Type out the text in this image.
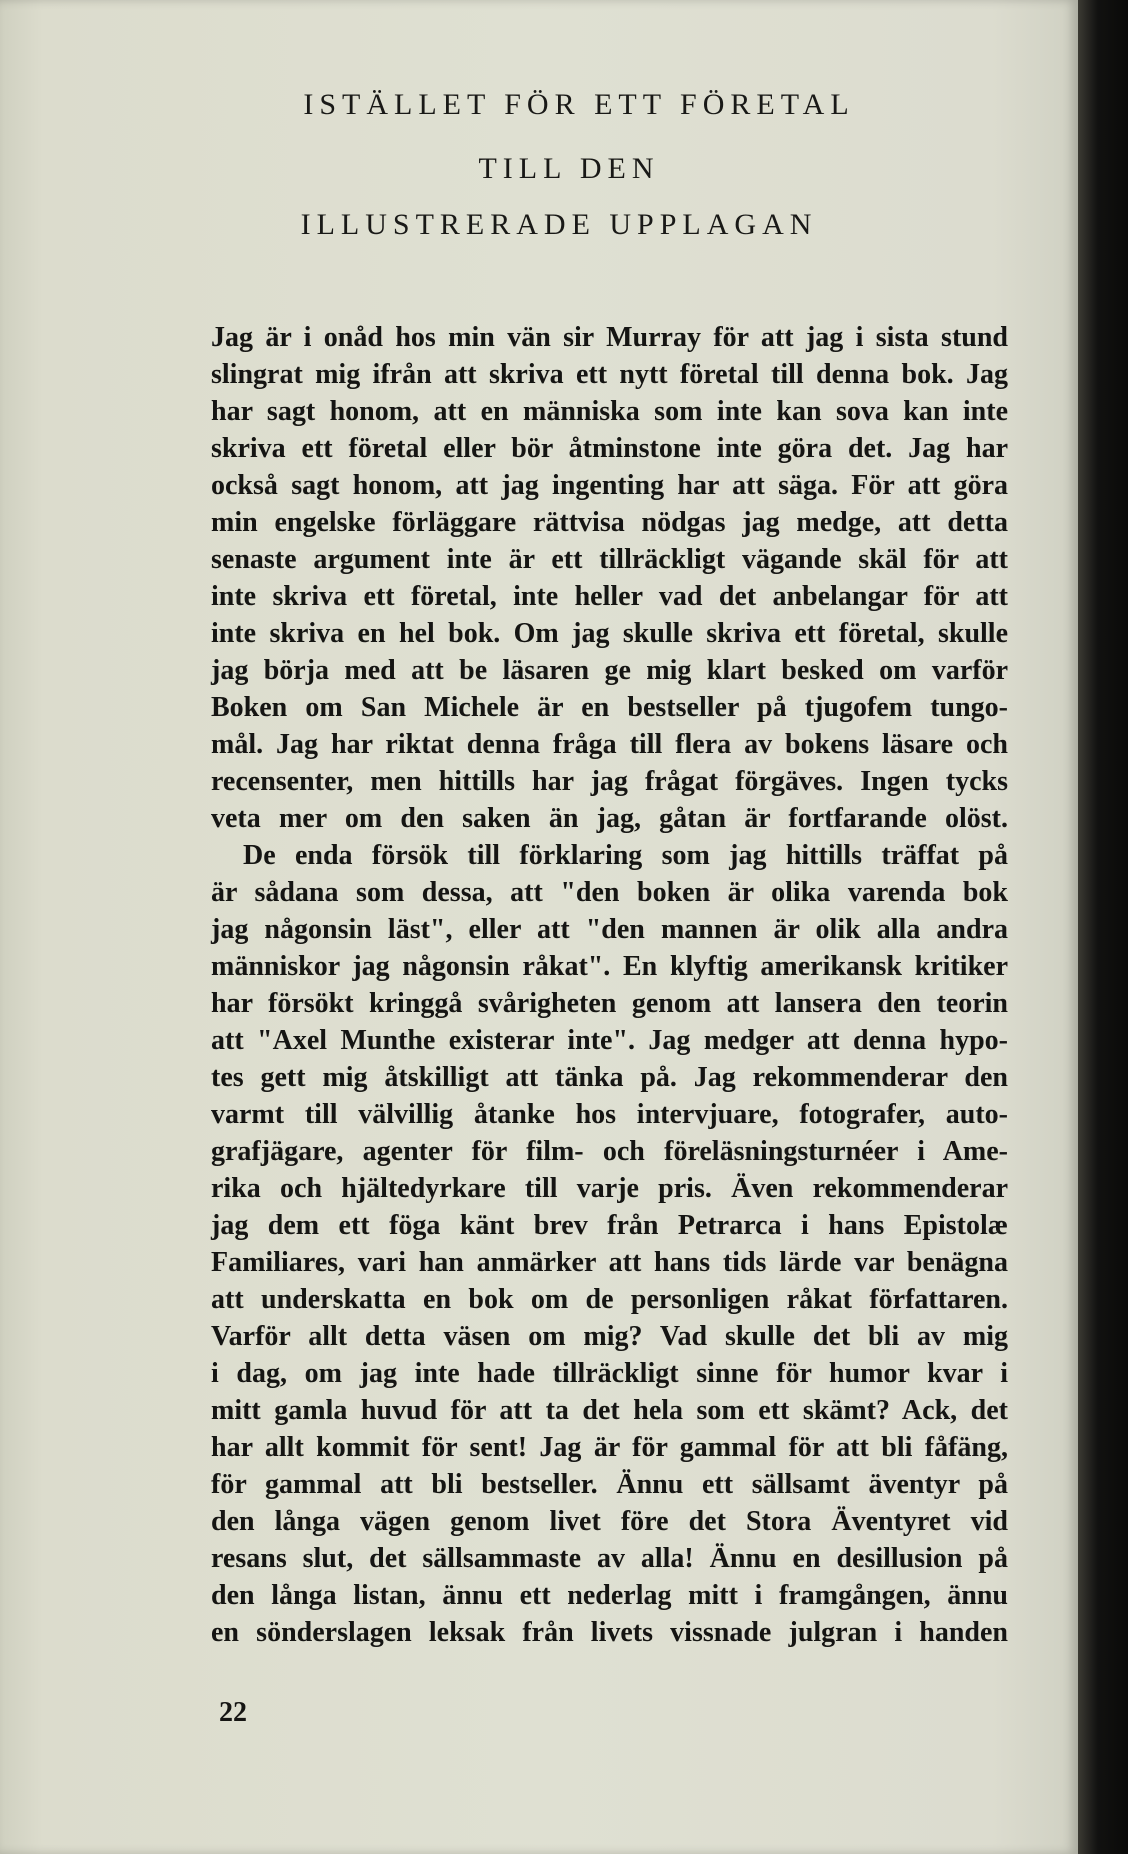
ISTÄLLET FÖR ETT FÖRETAL
TILL DEN
ILLUSTRERADE UPPLAGAN
Jag är i onåd hos min vän sir Murray för att jag i sista stund
slingrat mig ifrån att skriva ett nytt företal till denna bok. Jag
har sagt honom, att en människa som inte kan sova kan inte
skriva ett företal eller bör åtminstone inte göra det. Jag har
också sagt honom, att jag ingenting har att säga. För att göra
min engelske förläggare rättvisa nödgas jag medge, att detta
senaste argument inte är ett tillräckligt vägande skäl för att
inte skriva ett företal, inte heller vad det anbelangar för att
inte skriva en hel bok. Om jag skulle skriva ett företal, skulle
jag börja med att be läsaren ge mig klart besked om varför
Boken om San Michele är en bestseller på tjugofem tungo-
mål. Jag har riktat denna fråga till flera av bokens läsare och
recensenter, men hittills har jag frågat förgäves. Ingen tycks
veta mer om den saken än jag, gåtan är fortfarande olöst.
De enda försök till förklaring som jag hittills träffat på
är sådana som dessa, att "den boken är olika varenda bok
jag någonsin läst", eller att "den mannen är olik alla andra
människor jag någonsin råkat". En klyftig amerikansk kritiker
har försökt kringgå svårigheten genom att lansera den teorin
att "Axel Munthe existerar inte". Jag medger att denna hypo-
tes gett mig åtskilligt att tänka på. Jag rekommenderar den
varmt till välvillig åtanke hos intervjuare, fotografer, auto-
grafjägare, agenter för film- och föreläsningsturnéer i Ame-
rika och hjältedyrkare till varje pris. Även rekommenderar
jag dem ett föga känt brev från Petrarca i hans Epistolæ
Familiares, vari han anmärker att hans tids lärde var benägna
att underskatta en bok om de personligen råkat författaren.
Varför allt detta väsen om mig? Vad skulle det bli av mig
i dag, om jag inte hade tillräckligt sinne för humor kvar i
mitt gamla huvud för att ta det hela som ett skämt? Ack, det
har allt kommit för sent! Jag är för gammal för att bli fåfäng,
för gammal att bli bestseller. Ännu ett sällsamt äventyr på
den långa vägen genom livet före det Stora Äventyret vid
resans slut, det sällsammaste av alla! Ännu en desillusion på
den långa listan, ännu ett nederlag mitt i framgången, ännu
en sönderslagen leksak från livets vissnade julgran i handen
22
